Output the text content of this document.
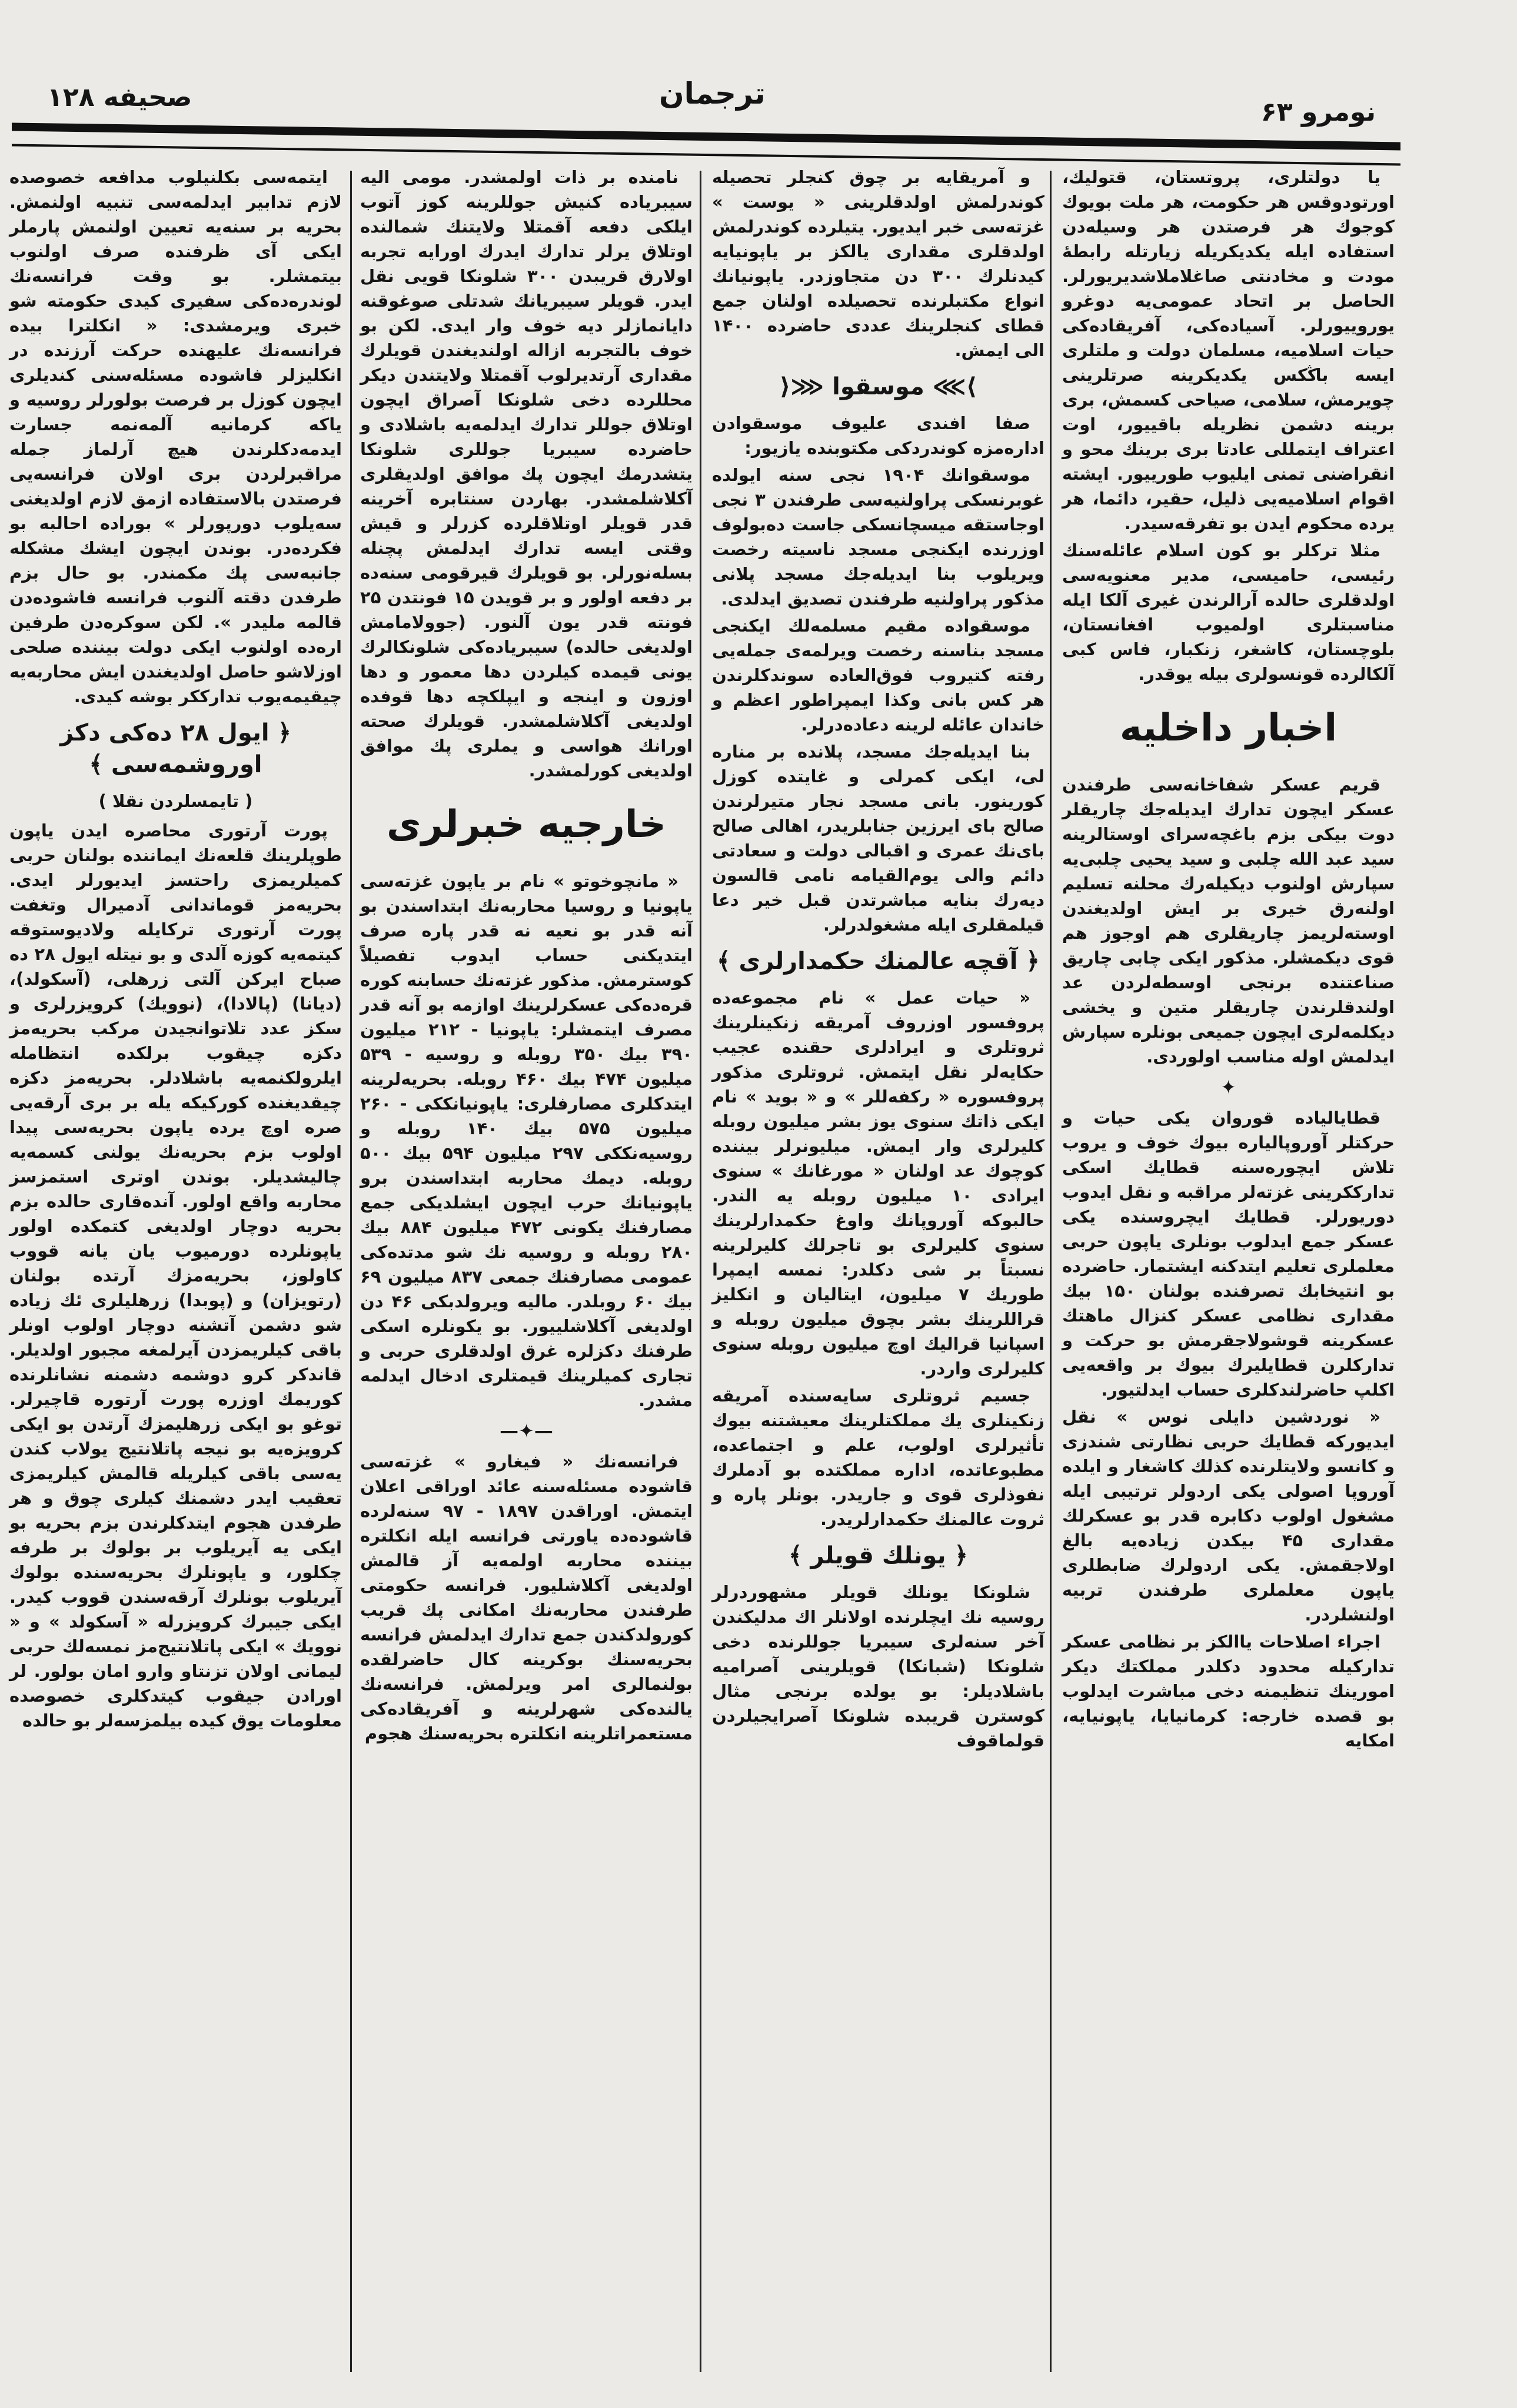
صحيفه ۱۲۸	ترجمان
نومرو ۶۳

يا دولتلری، پروتستان، قتوليك، اورتودوقس هر حكومت، هر ملت بويوك كوجوك هر فرصتدن هر وسيله‌دن استفاده ايله يكديكريله زيارتله رابطهٔ مودت و مخادنتی صاغلاملاشديريورلر. الحاصل بر اتحاد عمومی‌يه دوغرو يوروييورلر. آسياده‌كی، آفريقاده‌كی حيات اسلاميه، مسلمان دولت و ملتلری ايسه باڭكس يكديكرينه صرتلرينی چويرمش، سلامی، صياحی كسمش، بری برينه دشمن نظريله باقييور، اوت اعتراف ايتمللی عادتا بری برينك محو و انقراضنی تمنی ايليوب طورييور. ايشته اقوام اسلاميه‌يی ذليل، حقير، دائما، هر يرده محكوم ايدن بو تفرقه‌سيدر.

مثلا تركلر بو كون اسلام عائله‌سنك رئيسی، حاميسی، مدير معنويه‌سی اولدقلری حالده آرالرندن غيری آلكا ايله مناسبتلری اولميوب افغانستان، بلوچستان، كاشغر، زنكبار، فاس كبی آلكالرده قونسولری بيله يوقدر.

اخبار داخليه

قريم عسكر شفاخانه‌سی طرفندن عسكر ايچون تدارك ايديله‌جك چاريقلر دوت بيكی بزم باغچه‌سرای اوستالرينه سيد عبد الله چلبی و سيد يحيی چلبی‌يه سپارش اولنوب ديكيله‌رك محلنه تسليم اولنه‌رق خيری بر ايش اولديغندن اوسته‌لريمز چاريقلری هم اوجوز هم قوی ديكمشلر. مذكور ايكی چابی چاريق صناعتنده برنجی اوسطه‌لردن عد اولندقلرندن چاريقلر متين و يخشی ديكلمه‌لری ايچون جميعی بونلره سپارش ايدلمش اوله مناسب اولوردی.

✦

قطايالياده قوروان يكی حيات و حركتلر آوروپالياره بيوك خوف و يروب تلاش ايچوره‌سنه قطايك اسكی تدارككرينی غزته‌لر مراقبه و نقل ايدوب دوريورلر. قطايك ايچروسنده يكی عسكر جمع ايدلوب بونلری ياپون حربی معلملری تعليم ايتدكنه ايشتمار. حاضرده بو انتيخابك تصرفنده بولنان ۱۵۰ بيك مقداری نظامی عسكر كنزال ماهتك عسكرينه قوشولاجقرمش بو حركت و تداركلرن قطايليرك بيوك بر واقعه‌يی اكلپ حاضرلندكلری حساب ايدلتيور.

« نوردشين دايلی نوس » نقل ايديوركه قطايك حربی نظارتی شندزی و كانسو ولايتلرنده كذلك كاشغار و ايلده آوروپا اصولی يكی اردولر ترتيبی ايله مشغول اولوب دكابره قدر بو عسكرلك مقداری ۴۵ بيكدن زياده‌يه بالغ اولاجقمش. يكی اردولرك ضابطلری ياپون معلملری طرفندن تربيه اولنشلردر.

اجراء اصلاحات ياالكز بر نظامی عسكر تداركيله محدود دكلدر مملكتك ديكر امورينك تنظيمنه دخی مباشرت ايدلوب بو قصده خارجه: كرمانيايا، ياپونيايه، امكايه

و آمريقايه بر چوق كنجلر تحصيله كوندرلمش اولدقلرينی « يوست » غزته‌سی خبر ايديور. يتيلرده كوندرلمش اولدقلری مقداری يالكز بر ياپونيايه كيدنلرك ۳۰۰ دن متجاوزدر. ياپونيانك انواع مكتبلرنده تحصيلده اولنان جمع قطای كنجلرينك عددی حاضرده ۱۴۰۰ الی ايمش.

⟩⋙ موسقوا ⋘⟨

صفا افندی عليوف موسقوادن اداره‌مزه كوندردكی مكتوبنده يازيور:

موسقوانك ۱۹۰۴ نجی سنه ايولده غوبرنسكی پراولنيه‌سی طرفندن ۳ نجی اوجاستقه ميسچانسكی جاست ده‌بولوف اوزرنده ايكنجی مسجد ناسيته رخصت ويريلوب بنا ايديله‌جك مسجد پلانی مذكور پراولنيه طرفندن تصديق ايدلدی.

موسقواده مقيم مسلمه‌لك ايكنجی مسجد بناسنه رخصت ويرلمه‌ی جمله‌يی رفته كتيروب فوق‌العاده سوندكلرندن هر كس بانی وكذا ايمپراطور اعظم و خاندان عائله لرينه دعاده‌درلر.

بنا ايديله‌جك مسجد، پلانده بر مناره لی، ايكی كمرلی و غايتده كوزل كورينور. بانی مسجد نجار متيرلرندن صالح بای ايرزين جنابلريدر، اهالی صالح بای‌نك عمری و اقبالی دولت و سعادتی دائم والی يوم‌القيامه نامی قالسون ديه‌رك بنايه مباشرتدن قبل خير دعا قيلمقلری ايله مشغولدرلر.

﴿ آقچه عالمنك حكمدارلری ﴾

« حيات عمل » نام مجموعه‌ده پروفسور اوزروف آمريقه زنكينلرينك ثروتلری و ايرادلری حقنده عجيب حكايه‌لر نقل ايتمش. ثروتلری مذكور پروفسوره « ركفه‌للر » و « بويد » نام ايكی ذاتك سنوی يوز بشر ميليون روبله كليرلری وار ايمش. ميليونرلر بيننده كوچوك عد اولنان « مورغانك » سنوی ايرادی ۱۰ ميليون روبله يه الندر. حالبوكه آوروپانك واوغ حكمدارلرينك سنوی كليرلری بو تاجرلك كليرلرينه نسبتاً بر شی دكلدر: نمسه ايمپرا طوريك ۷ ميليون، ايتاليان و انكليز قراللرينك بشر بچوق ميليون روبله و اسپانيا قراليك اوچ ميليون روبله سنوی كليرلری واردر.

جسيم ثروتلری سايه‌سنده آمريقه زنكينلری يك مملكتلرينك معيشتنه بيوك تأثيرلری اولوب، علم و اجتماعده، مطبوعاتده، اداره مملكتده بو آدملرك نفوذلری قوی و جاريدر. بونلر پاره و ثروت عالمنك حكمدارلريدر.

﴿ يونلك قويلر ﴾

شلونكا يونلك قويلر مشهوردرلر روسيه نك ايچلرنده اولانلر اك مدليكندن آخر سنه‌لری سيبريا جوللرنده دخی شلونكا (شبانكا) قويلرينی آصراميه باشلاديلر: بو يولده برنجی مثال كوسترن قريبده شلونكا آصرايجيلردن قولماقوف

نامنده بر ذات اولمشدر. مومی اليه سيبرياده كنيش جوللرينه كوز آتوب ايلكی دفعه آقمتلا ولايتنك شمالنده اوتلاق يرلر تدارك ايدرك اورايه تجربه اولارق قريبدن ۳۰۰ شلونكا قويی نقل ايدر. قويلر سيبريانك شدتلی صوغوقنه دايانمازلر ديه خوف وار ايدی. لكن بو خوف بالتجربه ازاله اولنديغندن قويلرك مقداری آرتديرلوب آقمتلا ولايتندن ديكر محللرده دخی شلونكا آصراق ايچون اوتلاق جوللر تدارك ايدلمه‌يه باشلادی و حاضرده سيبريا جوللری شلونكا يتشدرمك ايچون پك موافق اولديقلری آكلاشلمشدر. بهاردن سنتابره آخرينه قدر قويلر اوتلاقلرده كزرلر و قيش وقتی ايسه تدارك ايدلمش پچنله بسله‌نورلر. بو قويلرك قيرقومی سنه‌ده بر دفعه اولور و بر قويدن ۱۵ فونتدن ۲۵ فونته قدر يون آلنور. (جوولامامش اولديغی حالده) سيبرياده‌كی شلونكالرك يونی قيمده كيلردن دها معمور و دها اوزون و اينجه و ايپلكچه دها قوفده اولديغی آكلاشلمشدر. قويلرك صحته اورانك هواسی و يملری پك موافق اولديغی كورلمشدر.

خارجيه خبرلری

« مانچوخوتو » نام بر ياپون غزته‌سی ياپونيا و روسيا محاربه‌نك ابتداسندن بو آنه قدر بو نعيه نه قدر پاره صرف ايتديكنی حساب ايدوب تفصيلاً كوسترمش. مذكور غزته‌نك حسابنه كوره قره‌ده‌كی عسكرلرينك اوازمه بو آنه قدر مصرف ايتمشلر: ياپونيا - ۲۱۲ ميليون ۳۹۰ بيك ۳۵۰ روبله و روسيه - ۵۳۹ ميليون ۴۷۴ بيك ۴۶۰ روبله. بحريه‌لرينه ايتدكلری مصارفلری: ياپونيانككی - ۲۶۰ ميليون ۵۷۵ بيك ۱۴۰ روبله و روسيه‌نككی ۲۹۷ ميليون ۵۹۴ بيك ۵۰۰ روبله. ديمك محاربه ابتداسندن برو ياپونيانك حرب ايچون ايشلديكی جمع مصارفنك يكونی ۴۷۲ ميليون ۸۸۴ بيك ۲۸۰ روبله و روسيه نك شو مدتده‌كی عمومی مصارفنك جمعی ۸۳۷ ميليون ۶۹ بيك ۶۰ روبلدر. ماليه ويرولدبكی ۴۶ دن اولديغی آكلاشلييور. بو يكونلره اسكی طرفنك دكزلره غرق اولدقلری حربی و تجاری كميلرينك قيمتلری ادخال ايدلمه مشدر.

—✦—

فرانسه‌نك « فيغارو » غزته‌سی قاشوده مسئله‌سنه عائد اوراقی اعلان ايتمش. اوراقدن ۱۸۹۷ - ۹۷ سنه‌لرده قاشوده‌ده ياورتی فرانسه ايله انكلتره بيننده محاربه اولمه‌يه آز قالمش اولديغی آكلاشليور. فرانسه حكومتی طرفندن محاربه‌نك امكانی پك قريب كورولدكندن جمع تدارك ايدلمش فرانسه بحريه‌سنك بوكرينه كال حاضرلقده بولنمالری امر ويرلمش. فرانسه‌نك يالنده‌كی شهرلرينه و آفريقاده‌كی مستعمراتلرينه انكلتره بحريه‌سنك هجوم

ايتمه‌سی بكلنيلوب مدافعه خصوصده لازم تدابير ايدلمه‌سی تنبيه اولنمش. بحريه بر سنه‌يه تعيين اولنمش پارملر ايكی آی ظرفنده صرف اولنوب بيتمشلر. بو وقت فرانسه‌نك لوندره‌ده‌كی سفيری كيدی حكومته شو خبری ويرمشدی: « انكلترا بيده فرانسه‌نك عليهنده حركت آرزنده در انكليزلر فاشوده مسئله‌سنی كنديلری ايچون كوزل بر فرصت بولورلر روسيه و ياكه كرمانيه آلمه‌نمه جسارت ايدمه‌دكلرندن هيچ آرلماز جمله مراقبرلردن بری اولان فرانسه‌يی فرصتدن بالاستفاده ازمق لازم اولديغنی سه‌يلوب دورپورلر » بوراده احالبه بو فكرده‌در. بوندن ايچون ايشك مشكله جانبه‌سی پك مكمندر. بو حال بزم طرفدن دقته آلنوب فرانسه فاشوده‌دن قالمه مليدر ». لكن سوكره‌دن طرفين اره‌ده اولنوب ايكی دولت بيننده صلحی اوزلاشو حاصل اولديغندن ايش محاربه‌يه چيقيمه‌يوب تدارككر بوشه كيدی.

﴿ ايول ۲۸ ده‌كی دكز اوروشمه‌سی ﴾
( تايمسلردن نقلا )

پورت آرتوری محاصره ايدن ياپون طوپلرينك قلعه‌نك ايماننده بولنان حربی كميلريمزی راحتسز ايديورلر ايدی. بحريه‌مز قوماندانی آدميرال وتغفت پورت آرتوری تركايله ولاديوستوقه كيتمه‌يه كوزه آلدی و بو نيتله ايول ۲۸ ده صباح ايركن آلتی زرهلی، (آسكولد)، (ديانا) (پالادا)، (نوويك) كرويزرلری و سكز عدد تلاتوانجيدن مركب بحريه‌مز دكزه چيقوب برلكده انتظامله ايلرولكنمه‌يه باشلادلر. بحريه‌مز دكزه چيقديغنده كوركيكه يله بر برى آرقه‌يی صره اوچ يرده ياپون بحريه‌سی پيدا اولوب بزم بحريه‌نك يولنی كسمه‌يه چاليشديلر. بوندن اوتری استمزسز محاربه واقع اولور. آنده‌قاری حالده بزم بحريه دوچار اولديغی كتمكده اولور ياپونلرده دورميوب يان يانه قووب كاولوز، بحريه‌مزك آرتده بولنان (رتويزان) و (پوبدا) زرهليلری ئك زياده شو دشمن آتشنه دوچار اولوب اونلر باقی كيلريمزدن آيرلمغه مجبور اولديلر. قاندكر كرو دوشمه دشمنه نشانلرنده كوريمك اوزره پورت آرتوره قاچيرلر. توغو بو ايكی زرهليمزك آرتدن بو ايكی كرويزه‌يه بو نيجه پاتلانتيج يولاب كندن يه‌سی باقی كيلريله قالمش كيلريمزی تعقيب ايدر دشمنك كيلری چوق و هر طرفدن هجوم ايتدكلرندن بزم بحريه بو ايكی يه آيريلوب بر بولوك بر طرفه چكلور، و ياپونلرك بحريه‌سنده بولوك آيريلوب بونلرك آرقه‌سندن قووب كيدر. ايكی جيبرك كرويزرله « آسكولد » و « نوويك » ايكی پاتلانتيج‌مز نمسه‌لك حربی ليمانی اولان تزنتاو وارو امان بولور. لر اورادن جيقوب كيتدكلری خصوصده معلومات يوق كيده بيلمزسه‌لر بو حالده
